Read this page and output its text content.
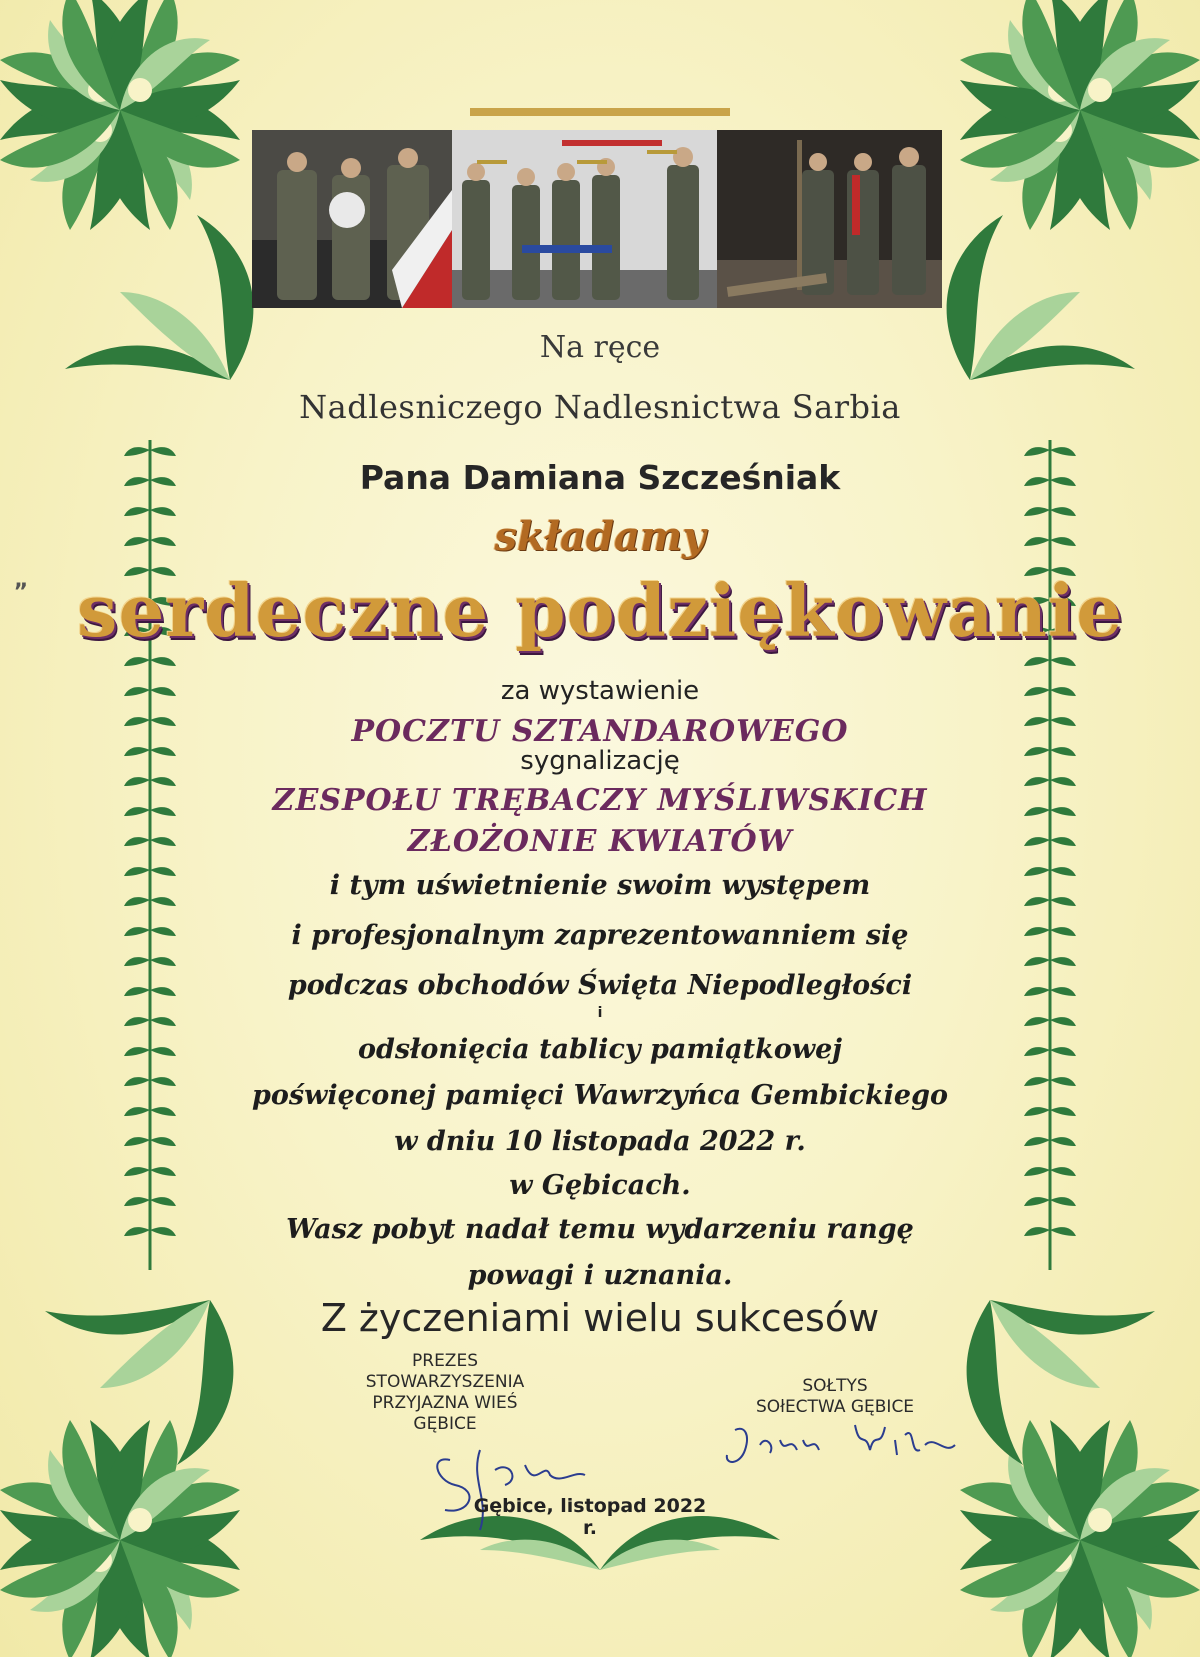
„
Na ręce
Nadlesniczego Nadlesnictwa Sarbia
Pana Damiana Szcześniak
składamy
serdeczne podziękowanie
za wystawienie
POCZTU SZTANDAROWEGO
sygnalizację
ZESPOŁU TRĘBACZY MYŚLIWSKICH
ZŁOŻONIE KWIATÓW
i tym uświetnienie swoim występem
i profesjonalnym zaprezentowanniem się
podczas obchodów Święta Niepodległości
i
odsłonięcia tablicy pamiątkowej
poświęconej pamięci Wawrzyńca Gembickiego
w dniu 10 listopada 2022 r.
w Gębicach.
Wasz pobyt nadał temu wydarzeniu rangę
powagi i uznania.
Z życzeniami wielu sukcesów
PREZES
STOWARZYSZENIA
PRZYJAZNA WIEŚ
GĘBICE
SOŁTYS
SOłECTWA GĘBICE
Gębice, listopad 2022 r.
